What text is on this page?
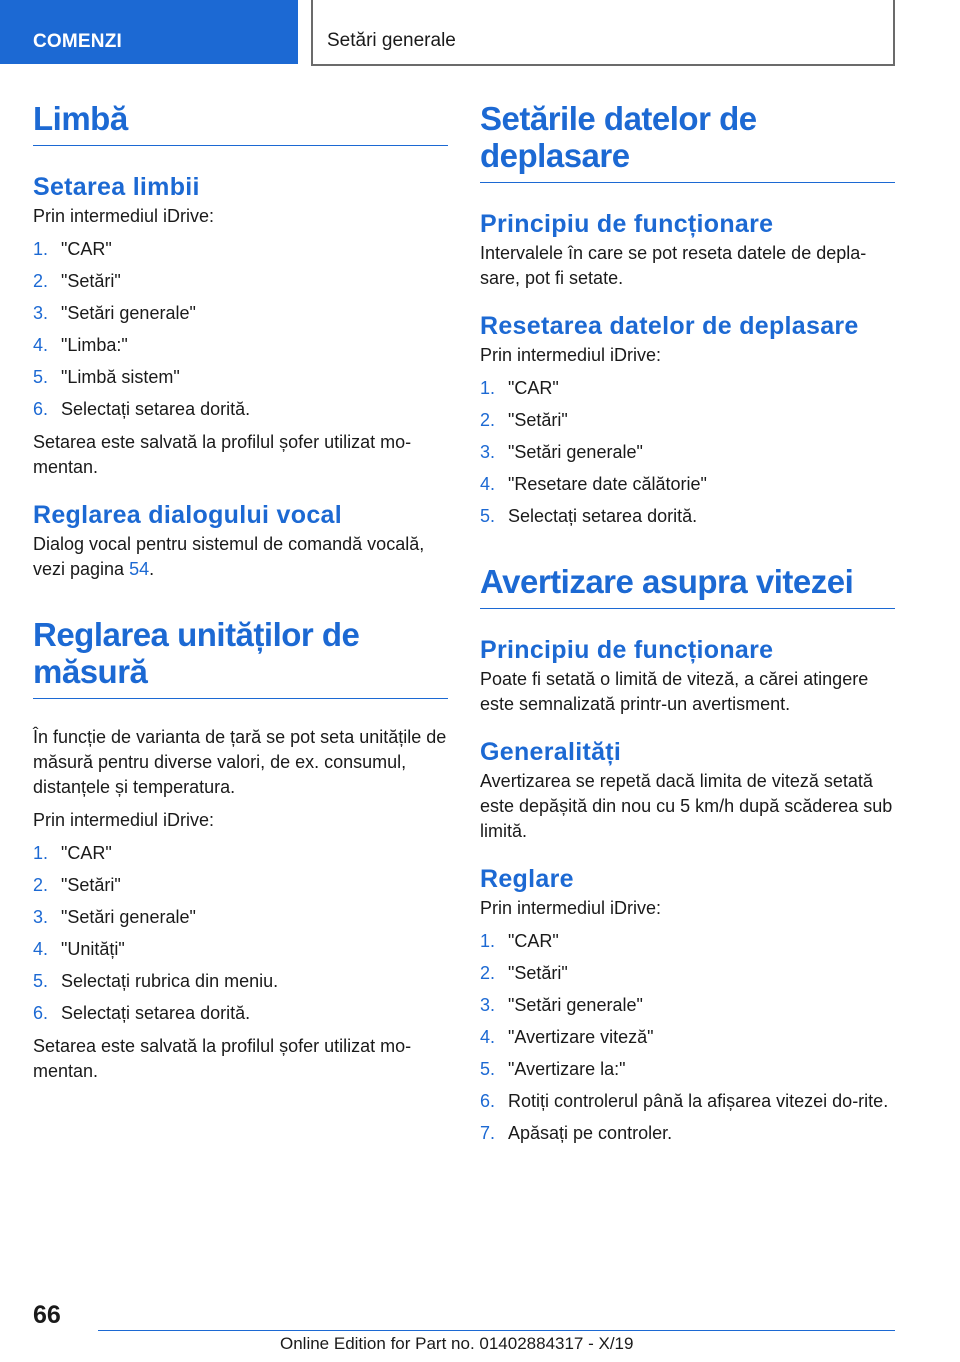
COMENZI	Setări generale
Limbă
Setarea limbii

Prin intermediul iDrive:

1. "CAR"
2. "Setări"
3. "Setări generale"
4. "Limba:"
5. "Limbă sistem"
6. Selectați setarea dorită.

Setarea este salvată la profilul șofer utilizat mo-mentan.

Reglarea dialogului vocal

Dialog vocal pentru sistemul de comandă vocală, vezi pagina 54.

Reglarea unităților de măsură

În funcție de varianta de țară se pot seta unitățile de măsură pentru diverse valori, de ex. consumul, distanțele și temperatura.

Prin intermediul iDrive:

1. "CAR"
2. "Setări"
3. "Setări generale"
4. "Unități"
5. Selectați rubrica din meniu.
6. Selectați setarea dorită.

Setarea este salvată la profilul șofer utilizat mo-mentan.

Setările datelor de deplasare
Principiu de funcționare

Intervalele în care se pot reseta datele de depla-sare, pot fi setate.

Resetarea datelor de deplasare

Prin intermediul iDrive:

1. "CAR"
2. "Setări"
3. "Setări generale"
4. "Resetare date călătorie"
5. Selectați setarea dorită.
Avertizare asupra vitezei
Principiu de funcționare

Poate fi setată o limită de viteză, a cărei atingere este semnalizată printr-un avertisment.

Generalități

Avertizarea se repetă dacă limita de viteză setată este depășită din nou cu 5 km/h după scăderea sub limită.

Reglare

Prin intermediul iDrive:

1. "CAR"
2. "Setări"
3. "Setări generale"
4. "Avertizare viteză"
5. "Avertizare la:"
6. Rotiți controlerul până la afișarea vitezei do-rite.
7. Apăsați pe controler.
66
Online Edition for Part no. 01402884317 - X/19
